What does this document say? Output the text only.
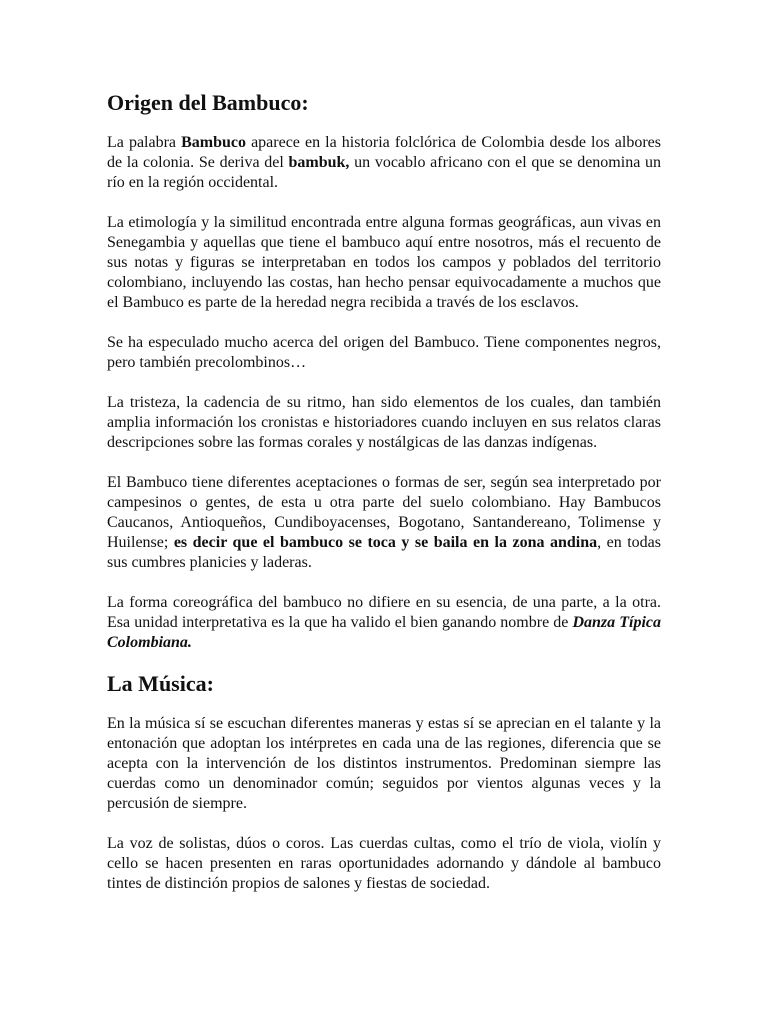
Origen del Bambuco:

La palabra Bambuco aparece en la historia folclórica de Colombia desde los albores de la colonia. Se deriva del bambuk, un vocablo africano con el que se denomina un río en la región occidental.

La etimología y la similitud encontrada entre alguna formas geográficas, aun vivas en Senegambia y aquellas que tiene el bambuco aquí entre nosotros, más el recuento de sus notas y figuras se interpretaban en todos los campos y poblados del territorio colombiano, incluyendo las costas, han hecho pensar equivocadamente a muchos que el Bambuco es parte de la heredad negra recibida a través de los esclavos.

Se ha especulado mucho acerca del origen del Bambuco. Tiene componentes negros, pero también precolombinos…

La tristeza, la cadencia de su ritmo, han sido elementos de los cuales, dan también amplia información los cronistas e historiadores cuando incluyen en sus relatos claras descripciones sobre las formas corales y nostálgicas de las danzas indígenas.

El Bambuco tiene diferentes aceptaciones o formas de ser, según sea interpretado por campesinos o gentes, de esta u otra parte del suelo colombiano. Hay Bambucos Caucanos, Antioqueños, Cundiboyacenses, Bogotano, Santandereano, Tolimense y Huilense; es decir que el bambuco se toca y se baila en la zona andina, en todas sus cumbres planicies y laderas.

La forma coreográfica del bambuco no difiere en su esencia, de una parte, a la otra. Esa unidad interpretativa es la que ha valido el bien ganando nombre de Danza Típica Colombiana.

La Música:

En la música sí se escuchan diferentes maneras y estas sí se aprecian en el talante y la entonación que adoptan los intérpretes en cada una de las regiones, diferencia que se acepta con la intervención de los distintos instrumentos. Predominan siempre las cuerdas como un denominador común; seguidos por vientos algunas veces y la percusión de siempre.

La voz de solistas, dúos o coros. Las cuerdas cultas, como el trío de viola, violín y cello se hacen presenten en raras oportunidades adornando y dándole al bambuco tintes de distinción propios de salones y fiestas de sociedad.
